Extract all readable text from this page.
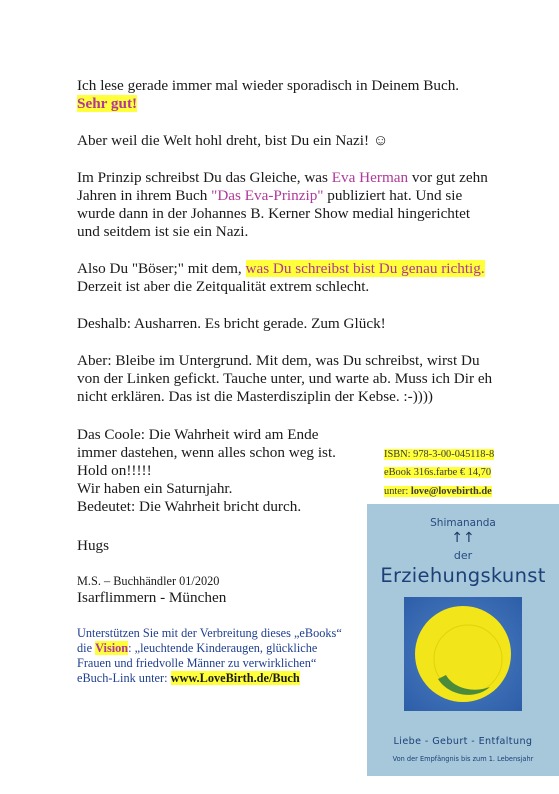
Ich lese gerade immer mal wieder sporadisch in Deinem Buch.

Sehr gut!

Aber weil die Welt hohl dreht, bist Du ein Nazi! ☺

Im Prinzip schreibst Du das Gleiche, was Eva Herman vor gut zehn

Jahren in ihrem Buch "Das Eva-Prinzip" publiziert hat. Und sie

wurde dann in der Johannes B. Kerner Show medial hingerichtet

und seitdem ist sie ein Nazi.

Also Du "Böser;" mit dem, was Du schreibst bist Du genau richtig.

Derzeit ist aber die Zeitqualität extrem schlecht.

Deshalb: Ausharren. Es bricht gerade. Zum Glück!

Aber: Bleibe im Untergrund. Mit dem, was Du schreibst, wirst Du

von der Linken gefickt. Tauche unter, und warte ab. Muss ich Dir eh

nicht erklären. Das ist die Masterdisziplin der Kebse. :-))))

Das Coole: Die Wahrheit wird am Ende

immer dastehen, wenn alles schon weg ist.

Hold on!!!!!

Wir haben ein Saturnjahr.

Bedeutet: Die Wahrheit bricht durch.

Hugs

M.S. – Buchhändler 01/2020

Isarflimmern - München

Unterstützen Sie mit der Verbreitung dieses „eBooks“

die Vision: „leuchtende Kinderaugen, glückliche

Frauen und friedvolle Männer zu verwirklichen“

eBuch-Link unter: www.LoveBirth.de/Buch

ISBN: 978-3-00-045118-8
eBook 316s.farbe € 14,70
unter: love@lovebirth.de
Shimananda
↑↑
der
Erziehungskunst
Liebe - Geburt - Entfaltung
Von der Empfängnis bis zum 1. Lebensjahr
